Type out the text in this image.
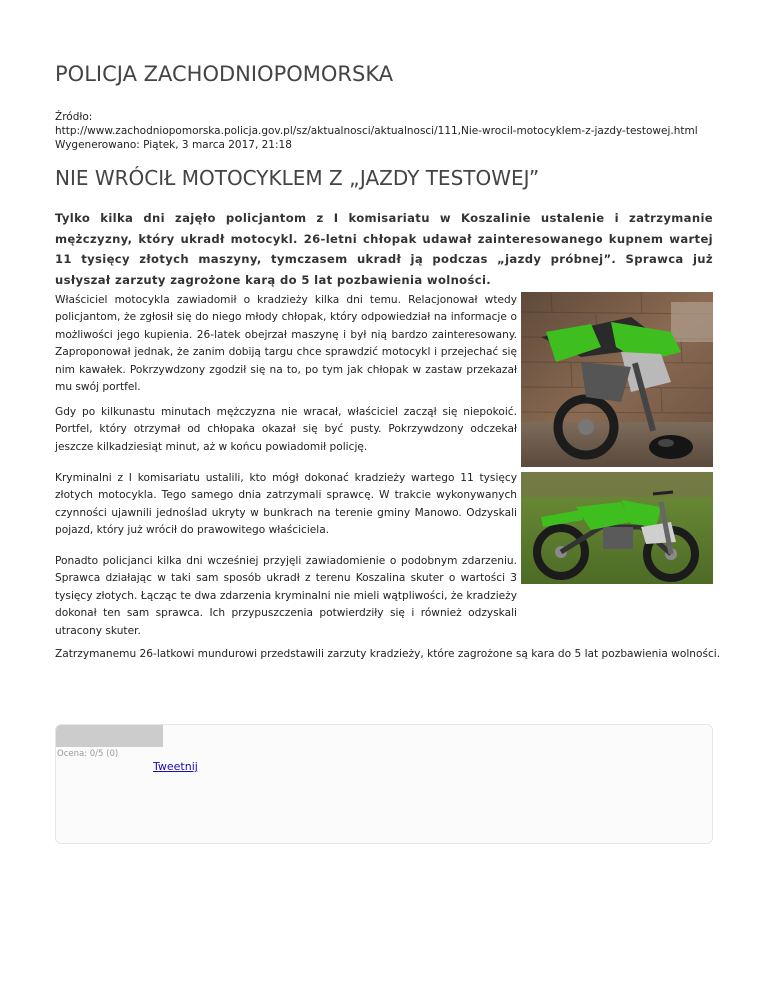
POLICJA ZACHODNIOPOMORSKA
Źródło:
http://www.zachodniopomorska.policja.gov.pl/sz/aktualnosci/aktualnosci/111,Nie-wrocil-motocyklem-z-jazdy-testowej.html
Wygenerowano: Piątek, 3 marca 2017, 21:18
NIE WRÓCIŁ MOTOCYKLEM Z „JAZDY TESTOWEJ”
Tylko kilka dni zajęło policjantom z I komisariatu w Koszalinie ustalenie i zatrzymanie mężczyzny, który ukradł motocykl. 26-letni chłopak udawał zainteresowanego kupnem wartej 11 tysięcy złotych maszyny, tymczasem ukradł ją podczas „jazdy próbnej”. Sprawca już usłyszał zarzuty zagrożone karą do 5 lat pozbawienia wolności.
Właściciel motocykla zawiadomił o kradzieży kilka dni temu. Relacjonował wtedy policjantom, że zgłosił się do niego młody chłopak, który odpowiedział na informacje o możliwości jego kupienia. 26-latek obejrzał maszynę i był nią bardzo zainteresowany. Zaproponował jednak, że zanim dobiją targu chce sprawdzić motocykl i przejechać się nim kawałek. Pokrzywdzony zgodził się na to, po tym jak chłopak w zastaw przekazał mu swój portfel.
Gdy po kilkunastu minutach mężczyzna nie wracał, właściciel zaczął się niepokoić. Portfel, który otrzymał od chłopaka okazał się być pusty. Pokrzywdzony odczekał jeszcze kilkadziesiąt minut, aż w końcu powiadomił policję.
Kryminalni z I komisariatu ustalili, kto mógł dokonać kradzieży wartego 11 tysięcy złotych motocykla. Tego samego dnia zatrzymali sprawcę. W trakcie wykonywanych czynności ujawnili jednoślad ukryty w bunkrach na terenie gminy Manowo. Odzyskali pojazd, który już wrócił do prawowitego właściciela.
Ponadto policjanci kilka dni wcześniej przyjęli zawiadomienie o podobnym zdarzeniu. Sprawca działając w taki sam sposób ukradł z terenu Koszalina skuter o wartości 3 tysięcy złotych. Łącząc te dwa zdarzenia kryminalni nie mieli wątpliwości, że kradzieży dokonał ten sam sprawca. Ich przypuszczenia potwierdziły się i również odzyskali utracony skuter.
Zatrzymanemu 26-latkowi mundurowi przedstawili zarzuty kradzieży, które zagrożone są kara do 5 lat pozbawienia wolności.
Ocena: 0/5 (0)
Tweetnij
